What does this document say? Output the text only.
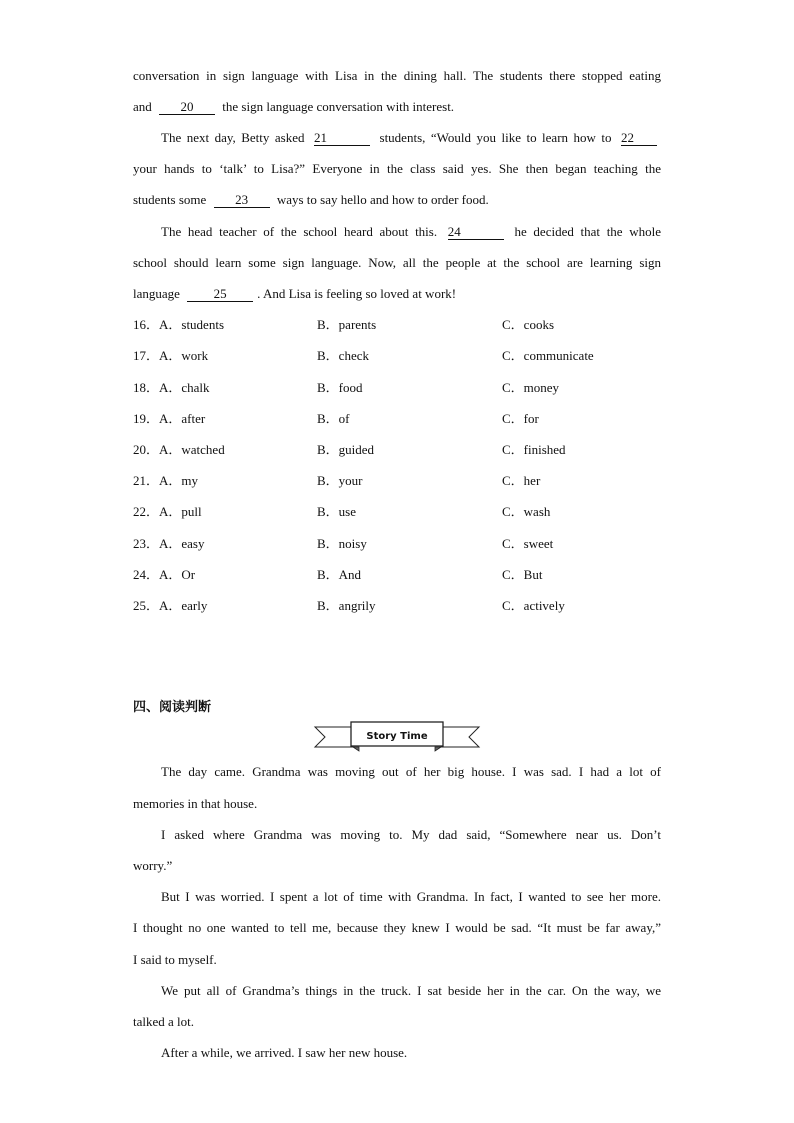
conversation in sign language with Lisa in the dining hall. The students there stopped eating
and 20 the sign language conversation with interest.
The next day, Betty asked 21	students, “Would you like to learn how to 22
your hands to ‘talk’ to Lisa?” Everyone in the class said yes. She then began teaching the
students some 23 ways to say hello and how to order food.
The head teacher of the school heard about this. 24	he decided that the whole
school should learn some sign language. Now, all the people at the school are learning sign
language	25 . And Lisa is feeling so loved at work!
16．A．students	B．parents	C．cooks
17．A．work	B．check	C．communicate
18．A．chalk	B．food	C．money
19．A．after	B．of	C．for
20．A．watched	B．guided	C．finished
21．A．my	B．your	C．her
22．A．pull	B．use	C．wash
23．A．easy	B．noisy	C．sweet
24．A．Or	B．And	C．But
25．A．early	B．angrily	C．actively
四、阅读判断
Story Time
The day came. Grandma was moving out of her big house. I was sad. I had a lot of
memories in that house.
I asked where Grandma was moving to. My dad said, “Somewhere near us. Don’t
worry.”
But I was worried. I spent a lot of time with Grandma. In fact, I wanted to see her more.
I thought no one wanted to tell me, because they knew I would be sad. “It must be far away,”
I said to myself.
We put all of Grandma’s things in the truck. I sat beside her in the car. On the way, we
talked a lot.
After a while, we arrived. I saw her new house.
